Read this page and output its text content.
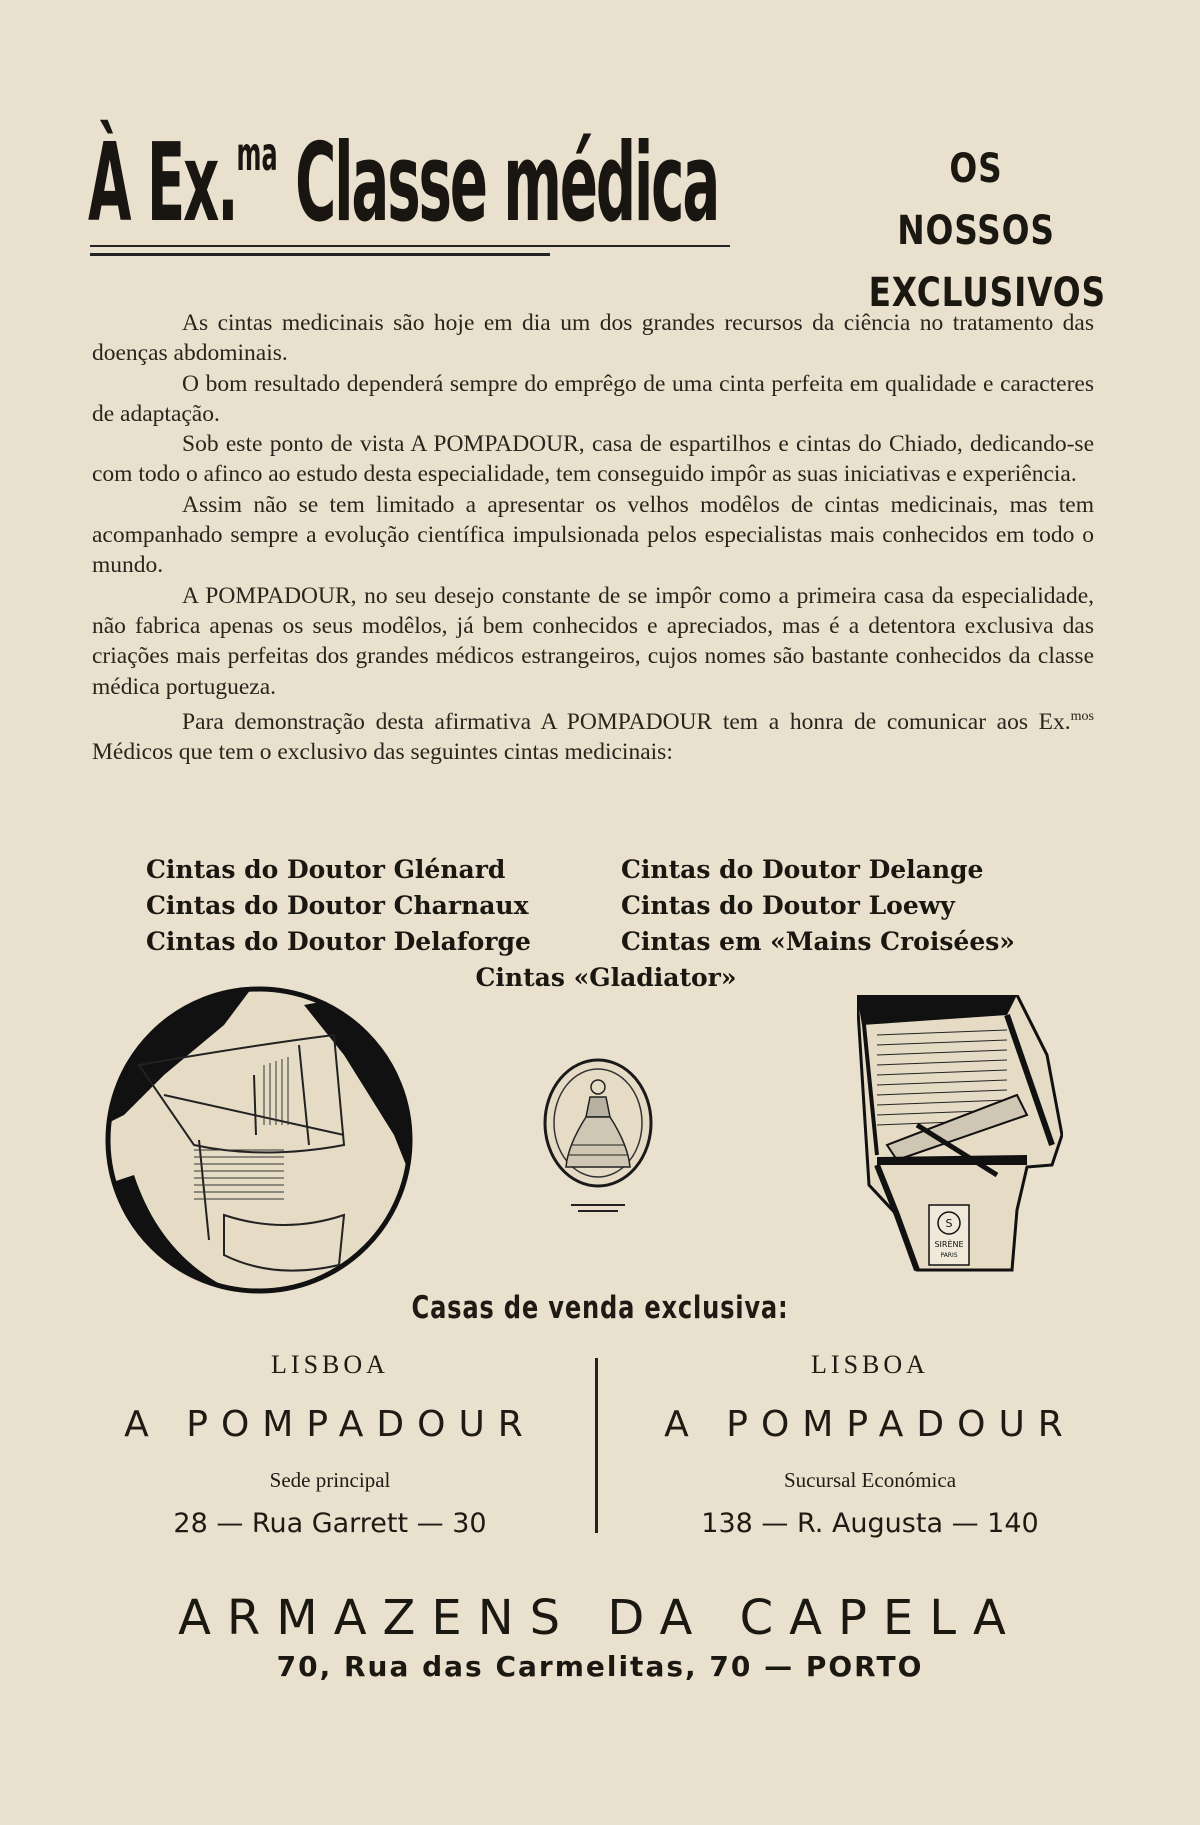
À Ex.$^{ma}$ Classe médica	OS NOSSOS
EXCLUSIVOS

As cintas medicinais são hoje em dia um dos grandes recursos da ciência no tratamento das doenças abdominais.

O bom resultado dependerá sempre do emprêgo de uma cinta perfeita em qualidade e caracteres de adaptação.

Sob este ponto de vista A POMPADOUR, casa de espartilhos e cintas do Chiado, dedicando-se com todo o afinco ao estudo desta especialidade, tem conseguido impôr as suas iniciativas e experiência.

Assim não se tem limitado a apresentar os velhos modêlos de cintas medicinais, mas tem acompanhado sempre a evolução científica impulsionada pelos especialistas mais conhecidos em todo o mundo.

A POMPADOUR, no seu desejo constante de se impôr como a primeira casa da especialidade, não fabrica apenas os seus modêlos, já bem conhecidos e apreciados, mas é a detentora exclusiva das criações mais perfeitas dos grandes médicos estrangeiros, cujos nomes são bastante conhecidos da classe médica portugueza.

Para demonstração desta afirmativa A POMPADOUR tem a honra de comunicar aos Ex.$^{mos}$ Médicos que tem o exclusivo das seguintes cintas medicinais:

Cintas do Doutor Glénard	Cintas do Doutor Delange
Cintas do Doutor Charnaux	Cintas do Doutor Loewy
Cintas do Doutor Delaforge	Cintas em «Mains Croisées»
Cintas «Gladiator»
S
SIRÈNE
PARIS
Casas de venda exclusiva:
LISBOA
A POMPADOUR
Sede principal
28 — Rua Garrett — 30
LISBOA
A POMPADOUR
Sucursal Económica
138 — R. Augusta — 140
ARMAZENS DA CAPELA
70, Rua das Carmelitas, 70 — PORTO
